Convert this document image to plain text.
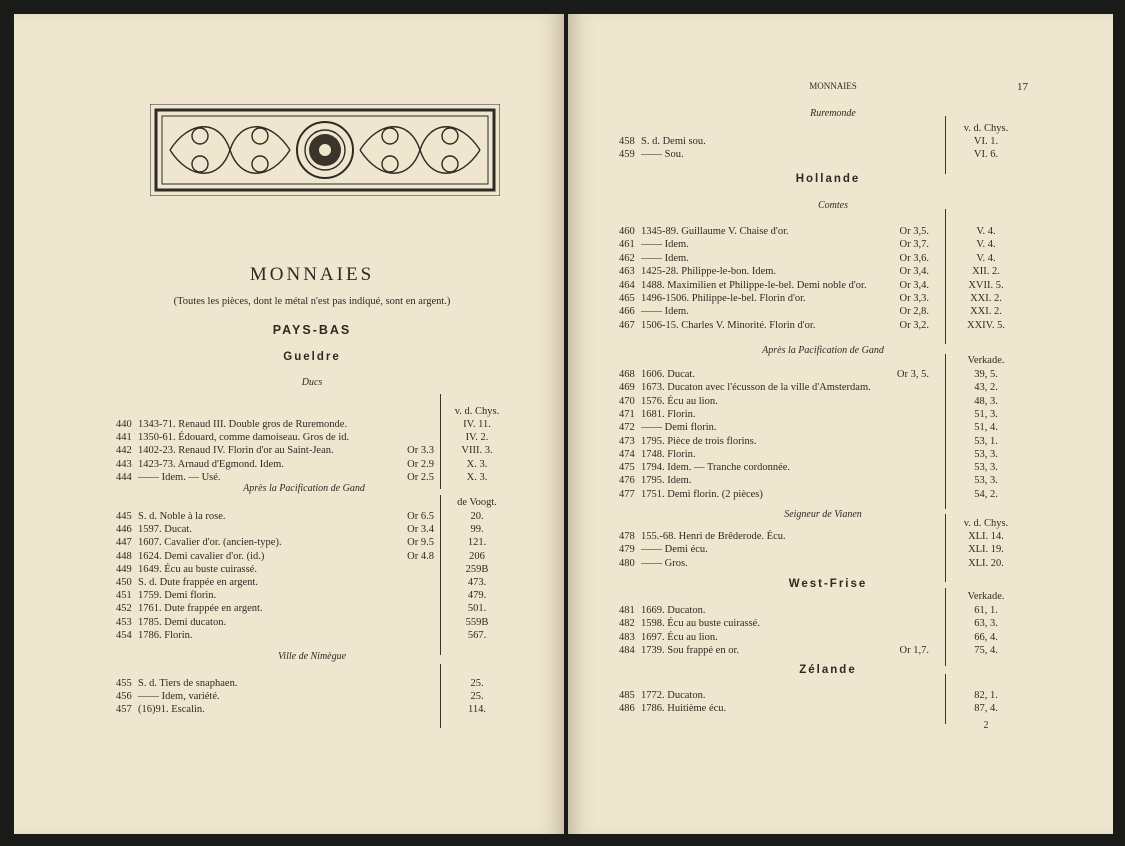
MONNAIES
(Toutes les pièces, dont le métal n'est pas indiqué, sont en argent.)
PAYS-BAS
Gueldre
Ducs
v. d. Chys.
440 1343-71. Renaud III. Double gros de Ruremonde.	IV. 11.
441 1350-61. Édouard, comme damoiseau. Gros de id.	IV. 2.
442 1402-23. Renaud IV. Florin d'or au Saint-Jean.	Or 3.3	VIII. 3.
443 1423-73. Arnaud d'Egmond. Idem.	Or 2.9	X. 3.
444 —— Idem. — Usé.	Or 2.5	X. 3.
Après la Pacification de Gand
de Voogt.
445 S. d. Noble à la rose.	Or 6.5	20.
446 1597. Ducat.	Or 3.4	99.
447 1607. Cavalier d'or. (ancien-type).	Or 9.5	121.
448 1624. Demi cavalier d'or. (id.)	Or 4.8	206
449 1649. Écu au buste cuirassé.	259B
450 S. d. Dute frappée en argent.	473.
451 1759. Demi florin.	479.
452 1761. Dute frappée en argent.	501.
453 1785. Demi ducaton.	559B
454 1786. Florin.	567.
Ville de Nimègue
455 S. d. Tiers de snaphaen.	25.
456 —— Idem, variété.	25.
457 (16)91. Escalin.	114.
MONNAIES	17
Ruremonde
v. d. Chys.
458 S. d. Demi sou.	VI. 1.
459 —— Sou.	VI. 6.
Hollande
Comtes
460 1345-89. Guillaume V. Chaise d'or.	Or 3,5.	V. 4.
461 —— Idem.	Or 3,7.	V. 4.
462 —— Idem.	Or 3,6.	V. 4.
463 1425-28. Philippe-le-bon. Idem.	Or 3,4.	XII. 2.
464 1488. Maximilien et Philippe-le-bel. Demi noble d'or.	Or 3,4.	XVII. 5.
465 1496-1506. Philippe-le-bel. Florin d'or.	Or 3,3.	XXI. 2.
466 —— Idem.	Or 2,8.	XXI. 2.
467 1506-15. Charles V. Minorité. Florin d'or.	Or 3,2.	XXIV. 5.
Après la Pacification de Gand
Verkade.
468 1606. Ducat.	Or 3, 5.	39, 5.
469 1673. Ducaton avec l'écusson de la ville d'Amsterdam.	43, 2.
470 1576. Écu au lion.	48, 3.
471 1681. Florin.	51, 3.
472 —— Demi florin.	51, 4.
473 1795. Pièce de trois florins.	53, 1.
474 1748. Florin.	53, 3.
475 1794. Idem. — Tranche cordonnée.	53, 3.
476 1795. Idem.	53, 3.
477 1751. Demi florin. (2 pièces)	54, 2.
Seigneur de Vianen
v. d. Chys.
478 155.-68. Henri de Brêderode. Écu.	XLI. 14.
479 —— Demi écu.	XLI. 19.
480 —— Gros.	XLI. 20.
West-Frise
Verkade.
481 1669. Ducaton.	61, 1.
482 1598. Écu au buste cuirassé.	63, 3.
483 1697. Écu au lion.	66, 4.
484 1739. Sou frappé en or.	Or 1,7.	75, 4.
Zélande
485 1772. Ducaton.	82, 1.
486 1786. Huitième écu.	87, 4.
2
